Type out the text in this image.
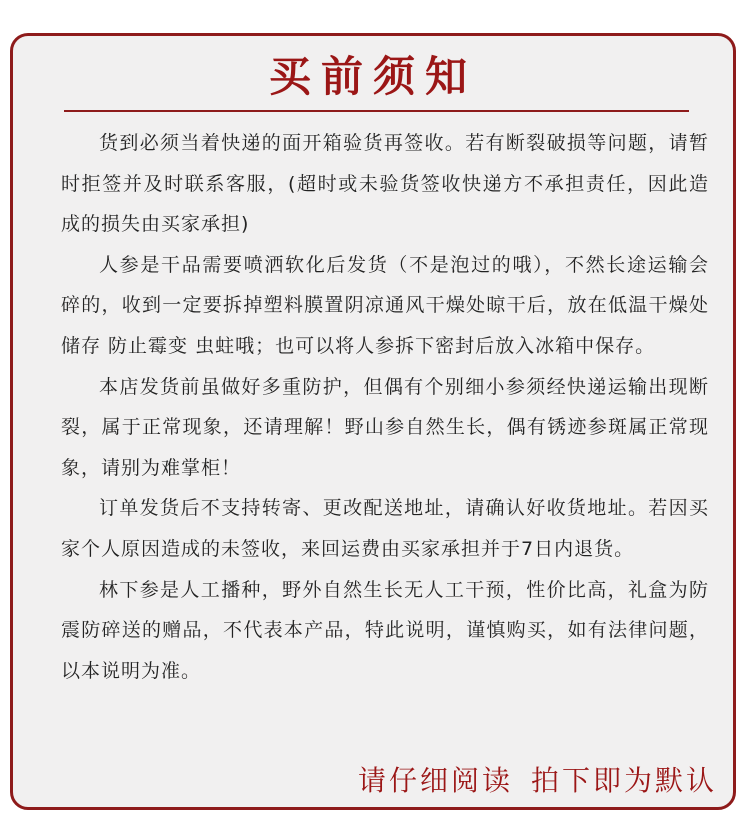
买前须知

货到必须当着快递的面开箱验货再签收。若有断裂破损等问题，请暂时拒签并及时联系客服，(超时或未验货签收快递方不承担责任，因此造成的损失由买家承担)

人参是干品需要喷洒软化后发货（不是泡过的哦），不然长途运输会碎的，收到一定要拆掉塑料膜置阴凉通风干燥处晾干后，放在低温干燥处储存 防止霉变 虫蛀哦；也可以将人参拆下密封后放入冰箱中保存。

本店发货前虽做好多重防护，但偶有个别细小参须经快递运输出现断裂，属于正常现象，还请理解！野山参自然生长，偶有锈迹参斑属正常现象，请别为难掌柜！

订单发货后不支持转寄、更改配送地址，请确认好收货地址。若因买家个人原因造成的未签收，来回运费由买家承担并于7日内退货。

林下参是人工播种，野外自然生长无人工干预，性价比高，礼盒为防震防碎送的赠品，不代表本产品，特此说明，谨慎购买，如有法律问题，以本说明为准。

请仔细阅读 拍下即为默认
